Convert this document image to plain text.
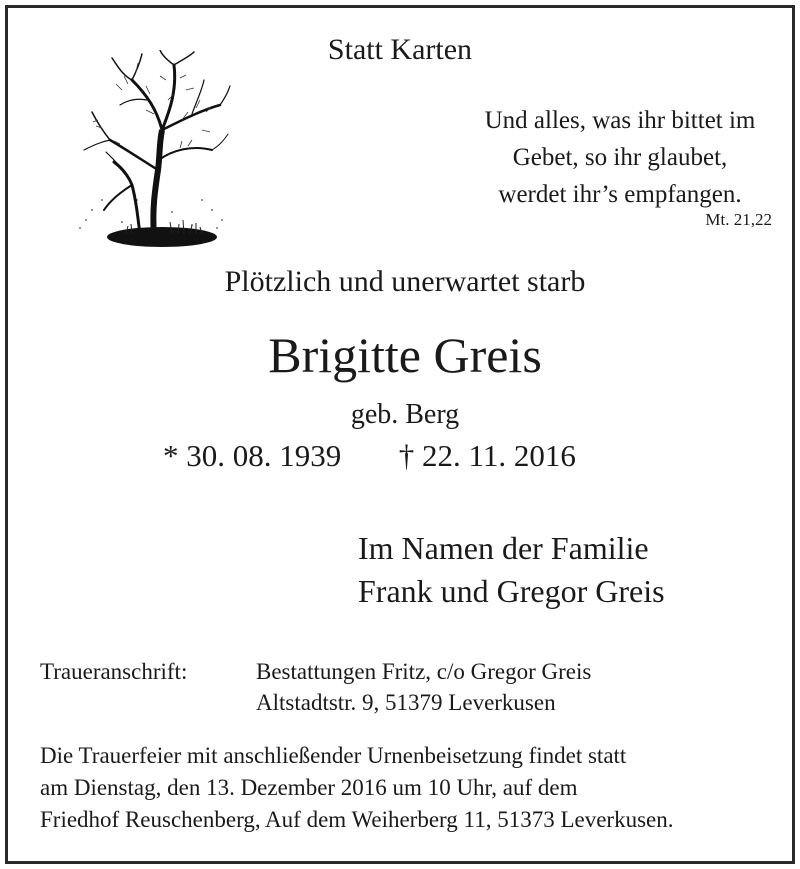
Statt Karten
Und alles, was ihr bittet im
Gebet, so ihr glaubet,
werdet ihr’s empfangen.
Mt. 21,22
Plötzlich und unerwartet starb
Brigitte Greis
geb. Berg
* 30. 08. 1939 † 22. 11. 2016
Im Namen der Familie
Frank und Gregor Greis
Traueranschrift:	Bestattungen Fritz, c/o Gregor Greis
Altstadtstr. 9, 51379 Leverkusen
Die Trauerfeier mit anschließender Urnenbeisetzung findet statt
am Dienstag, den 13. Dezember 2016 um 10 Uhr, auf dem
Friedhof Reuschenberg, Auf dem Weiherberg 11, 51373 Leverkusen.
